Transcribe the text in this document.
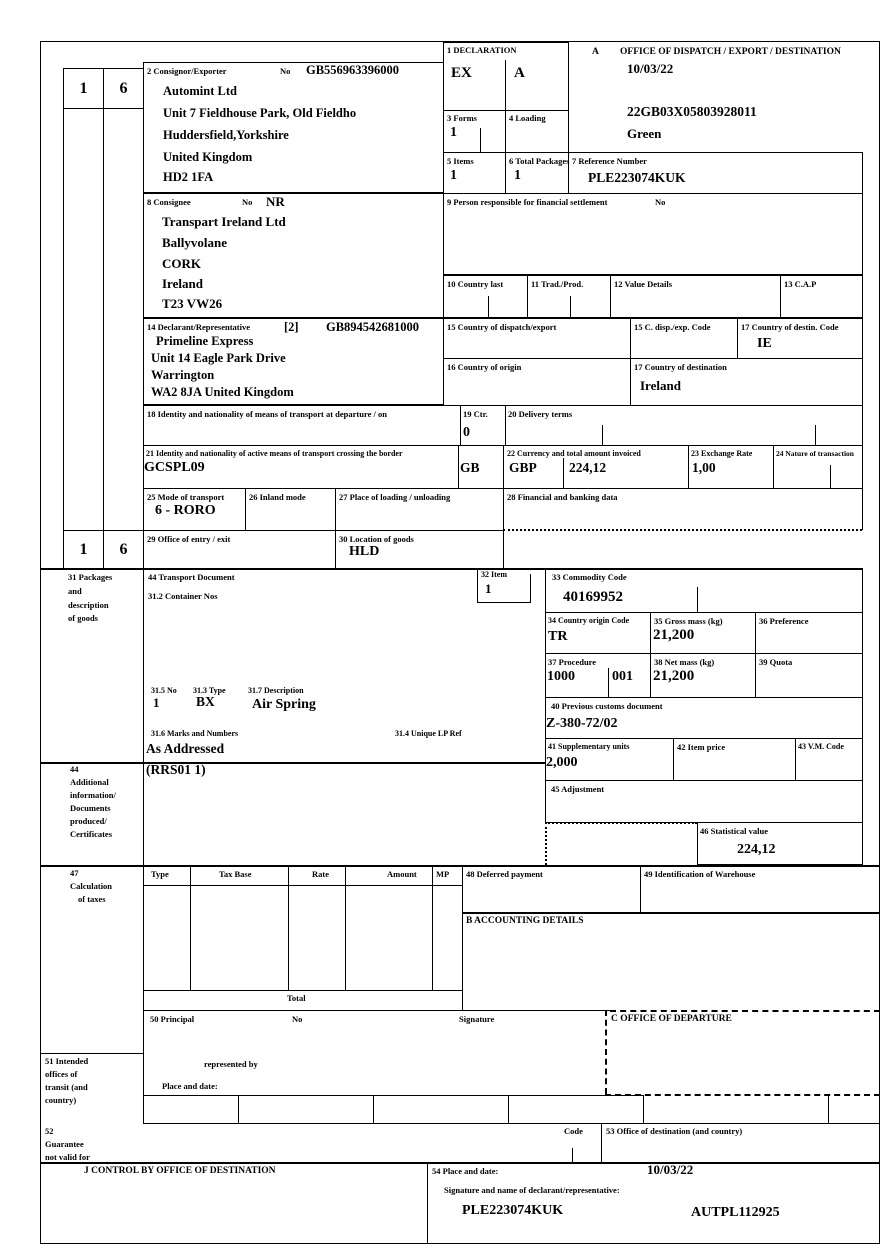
1 6
1 6
A OFFICE OF DISPATCH / EXPORT / DESTINATION
10/03/22
22GB03X05803928011
Green
1 DECLARATION
EX	A
3 Forms
1
4 Loading
5 Items
1
6 Total Packages
1
7 Reference Number
PLE223074KUK
2 Consignor/Exporter	No GB556963396000
Automint Ltd
Unit 7 Fieldhouse Park, Old Fieldho
Huddersfield,Yorkshire
United Kingdom
HD2 1FA
8 Consignee	No NR
Transpart Ireland Ltd
Ballyvolane
CORK
Ireland
T23 VW26
9 Person responsible for financial settlement	No
10 Country last	11 Trad./Prod.	12 Value Details	13 C.A.P
14 Declarant/Representative	[2] GB894542681000
Primeline Express
Unit 14 Eagle Park Drive
Warrington
WA2 8JA United Kingdom
15 Country of dispatch/export	15 C. disp./exp. Code	17 Country of destin. Code
IE
16 Country of origin	17 Country of destination
Ireland
18 Identity and nationality of means of transport at departure / on	19 Ctr.
0
20 Delivery terms
21 Identity and nationality of active means of transport crossing the border
GCSPL09	GB
22 Currency and total amount invoiced
GBP 224,12
23 Exchange Rate
1,00
24 Nature of transaction
25 Mode of transport
6 - RORO
26 Inland mode	27 Place of loading / unloading	28 Financial and banking data
29 Office of entry / exit	30 Location of goods
HLD
31 Packages
and
description
of goods
44 Transport Document
31.2 Container Nos
32 Item
1
33 Commodity Code
40169952
34 Country origin Code
TR
35 Gross mass (kg)
21,200
36 Preference
37 Procedure
1000	001
38 Net mass (kg)
21,200
39 Quota
40 Previous customs document
Z-380-72/02
41 Supplementary units
2,000
42 Item price	43 V.M. Code
45 Adjustment
46 Statistical value
224,12
31.5 No
1
31.3 Type
BX
31.7 Description
Air Spring
31.6 Marks and Numbers
As Addressed
31.4 Unique LP Ref
44
Additional
information/
Documents
produced/
Certificates
(RRS01 1)
47
Calculation
of taxes
Type	Tax Base	Rate	Amount MP
Total
48 Deferred payment	49 Identification of Warehouse
B ACCOUNTING DETAILS
50 Principal	No	Signature	C OFFICE OF DEPARTURE
represented by
Place and date:
51 Intended
offices of
transit (and
country)
52
Guarantee
not valid for
Code	53 Office of destination (and country)
J CONTROL BY OFFICE OF DESTINATION	54 Place and date:	10/03/22
Signature and name of declarant/representative:
PLE223074KUK	AUTPL112925
